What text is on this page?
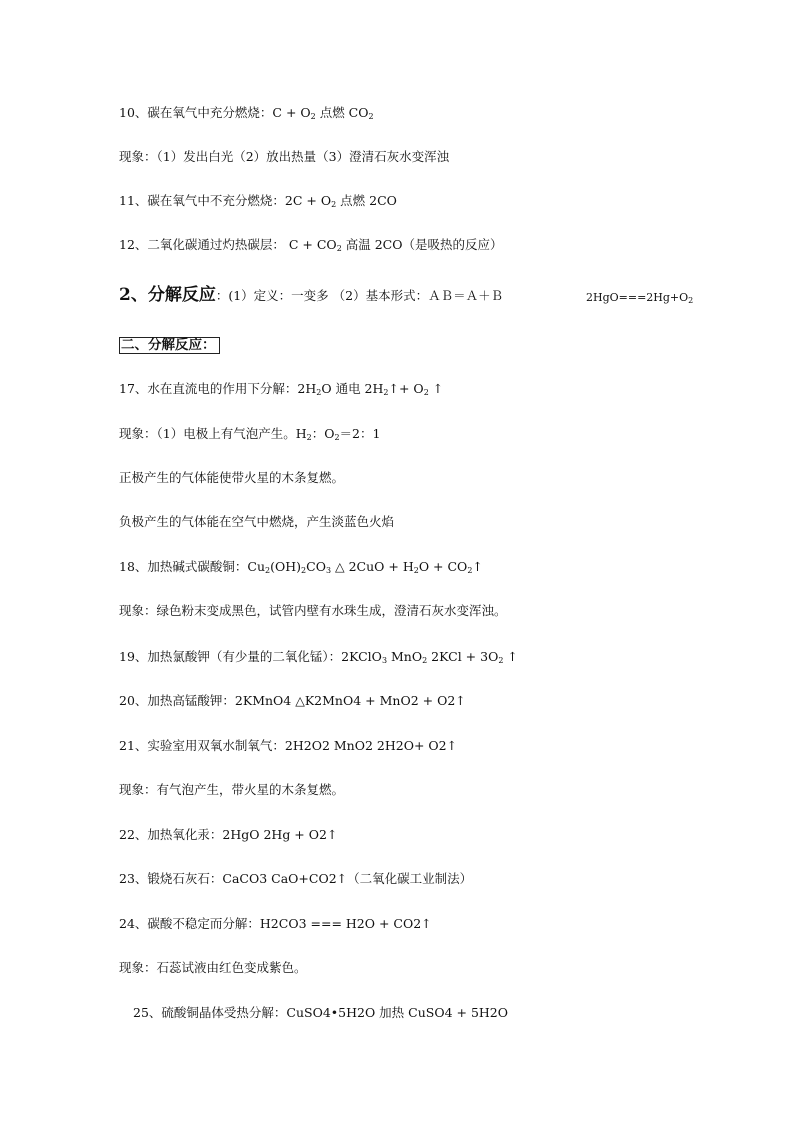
10、碳在氧气中充分燃烧：$C + O_2$ 点燃 $CO_2$
现象：（1）发出白光（2）放出热量（3）澄清石灰水变浑浊
11、碳在氧气中不充分燃烧：$2C + O_2$ 点燃 2CO
12、二氧化碳通过灼热碳层： $C + CO_2$ 高温 2CO（是吸热的反应）
2、分解反应：(1）定义：一变多 （2）基本形式：ＡＢ＝Ａ＋Ｂ	$2HgO===2Hg+O_2$
二、分解反应：
17、水在直流电的作用下分解：$2H_2O$ 通电 $2H_2↑+ O_2$ ↑
现象：（1）电极上有气泡产生。$H_2$：$O_2=2$：1
正极产生的气体能使带火星的木条复燃。
负极产生的气体能在空气中燃烧，产生淡蓝色火焰
18、加热碱式碳酸铜：$Cu_2(OH)_2CO_3$ △ $2CuO + H_2O$ + $CO_2↑$
现象：绿色粉末变成黑色，试管内壁有水珠生成，澄清石灰水变浑浊。
19、加热氯酸钾（有少量的二氧化锰）：2KClO$_3$ MnO$_2$ $2KCl + 3O_2$ ↑
20、加热高锰酸钾：2KMnO4 △K2MnO4 + MnO2 + O2↑
21、实验室用双氧水制氧气：2H2O2 MnO2 2H2O+ O2↑
现象：有气泡产生，带火星的木条复燃。
22、加热氧化汞：2HgO 2Hg + O2↑
23、锻烧石灰石：CaCO3 CaO+CO2↑（二氧化碳工业制法）
24、碳酸不稳定而分解：H2CO3 === H2O + CO2↑
现象：石蕊试液由红色变成紫色。
25、硫酸铜晶体受热分解：CuSO4•5H2O 加热 CuSO4 + 5H2O
